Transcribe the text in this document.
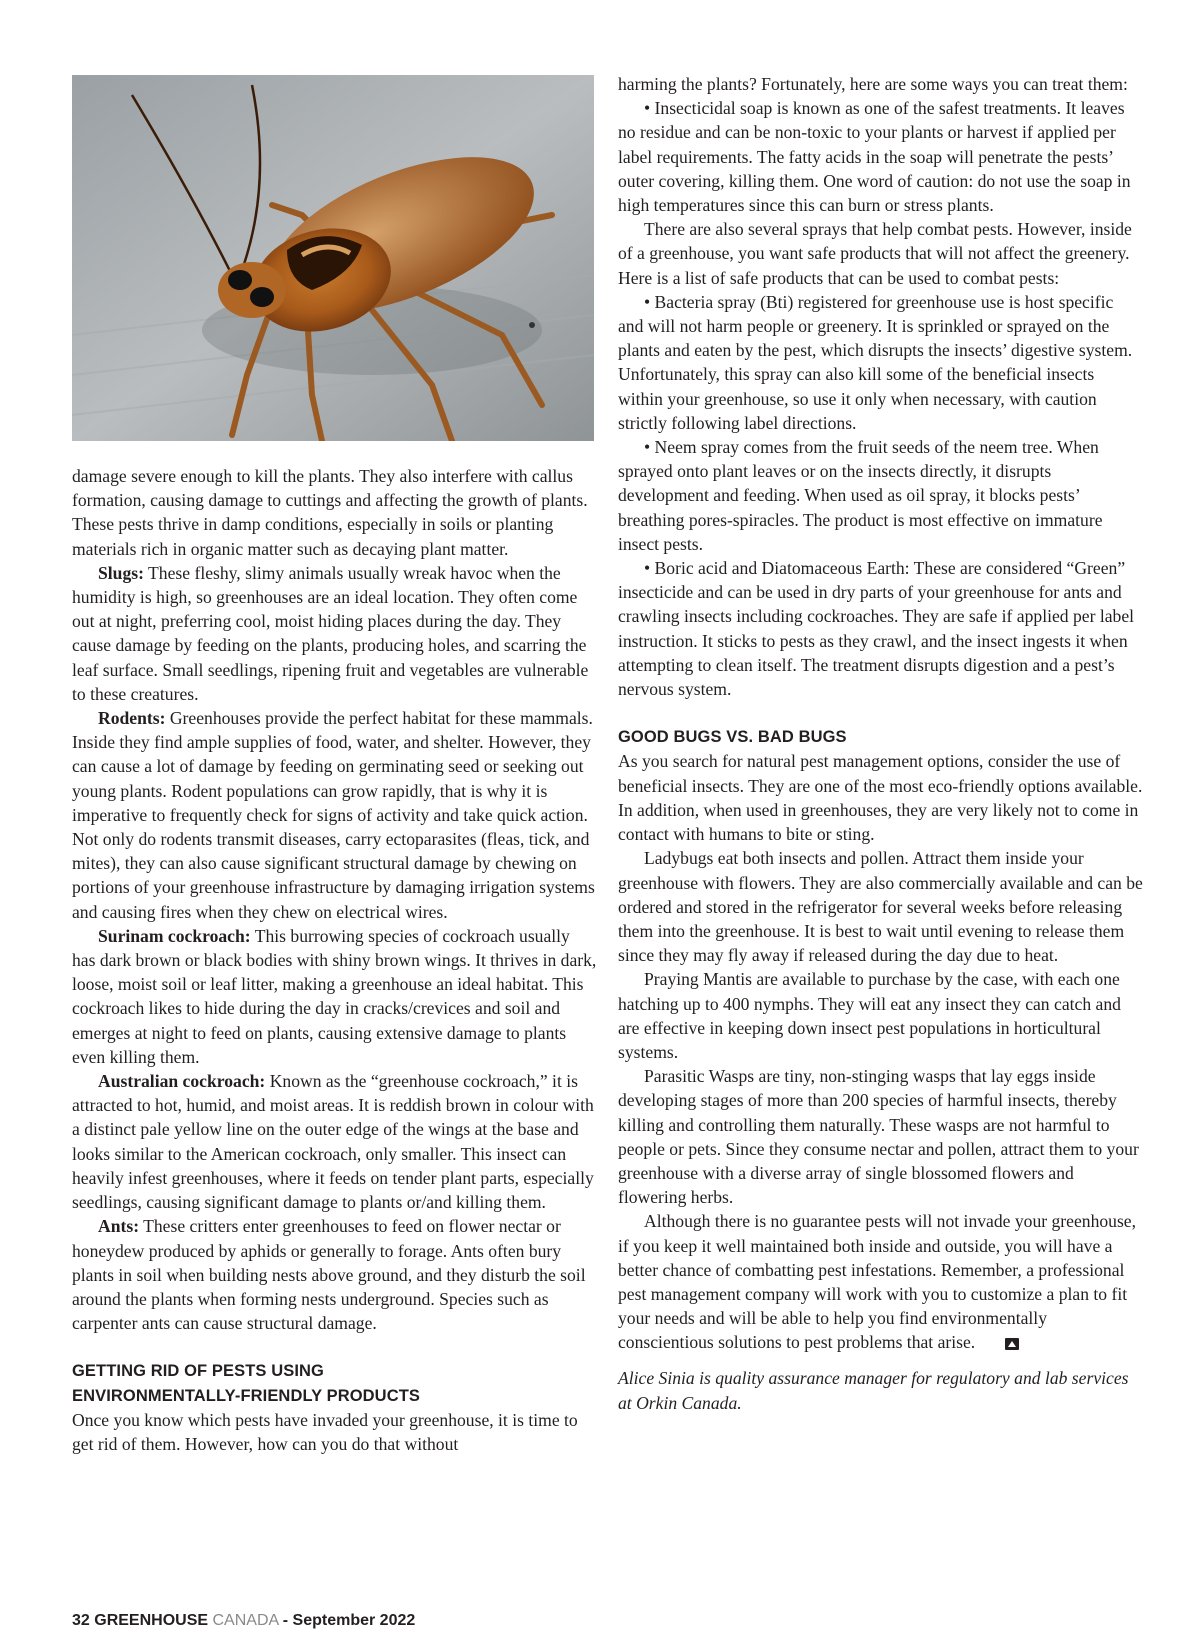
damage severe enough to kill the plants. They also interfere with callus formation, causing damage to cuttings and affecting the growth of plants. These pests thrive in damp conditions, especially in soils or planting materials rich in organic matter such as decaying plant matter.

Slugs: These fleshy, slimy animals usually wreak havoc when the humidity is high, so greenhouses are an ideal location. They often come out at night, preferring cool, moist hiding places during the day. They cause damage by feeding on the plants, producing holes, and scarring the leaf surface. Small seedlings, ripening fruit and vegetables are vulnerable to these creatures.

Rodents: Greenhouses provide the perfect habitat for these mammals. Inside they find ample supplies of food, water, and shelter. However, they can cause a lot of damage by feeding on germinating seed or seeking out young plants. Rodent populations can grow rapidly, that is why it is imperative to frequently check for signs of activity and take quick action. Not only do rodents transmit diseases, carry ectoparasites (fleas, tick, and mites), they can also cause significant structural damage by chewing on portions of your greenhouse infrastructure by damaging irrigation systems and causing fires when they chew on electrical wires.

Surinam cockroach: This burrowing species of cockroach usually has dark brown or black bodies with shiny brown wings. It thrives in dark, loose, moist soil or leaf litter, making a greenhouse an ideal habitat. This cockroach likes to hide during the day in cracks/crevices and soil and emerges at night to feed on plants, causing extensive damage to plants even killing them.

Australian cockroach: Known as the “greenhouse cockroach,” it is attracted to hot, humid, and moist areas. It is reddish brown in colour with a distinct pale yellow line on the outer edge of the wings at the base and looks similar to the American cockroach, only smaller. This insect can heavily infest greenhouses, where it feeds on tender plant parts, especially seedlings, causing significant damage to plants or/and killing them.

Ants: These critters enter greenhouses to feed on flower nectar or honeydew produced by aphids or generally to forage. Ants often bury plants in soil when building nests above ground, and they disturb the soil around the plants when forming nests underground. Species such as carpenter ants can cause structural damage.

GETTING RID OF PESTS USING
ENVIRONMENTALLY-FRIENDLY PRODUCTS

Once you know which pests have invaded your greenhouse, it is time to get rid of them. However, how can you do that without

harming the plants? Fortunately, here are some ways you can treat them:

• Insecticidal soap is known as one of the safest treatments. It leaves no residue and can be non-toxic to your plants or harvest if applied per label requirements. The fatty acids in the soap will penetrate the pests’ outer covering, killing them. One word of caution: do not use the soap in high temperatures since this can burn or stress plants.

There are also several sprays that help combat pests. However, inside of a greenhouse, you want safe products that will not affect the greenery. Here is a list of safe products that can be used to combat pests:

• Bacteria spray (Bti) registered for greenhouse use is host specific and will not harm people or greenery. It is sprinkled or sprayed on the plants and eaten by the pest, which disrupts the insects’ digestive system. Unfortunately, this spray can also kill some of the beneficial insects within your greenhouse, so use it only when necessary, with caution strictly following label directions.

• Neem spray comes from the fruit seeds of the neem tree. When sprayed onto plant leaves or on the insects directly, it disrupts development and feeding. When used as oil spray, it blocks pests’ breathing pores-spiracles. The product is most effective on immature insect pests.

• Boric acid and Diatomaceous Earth: These are considered “Green” insecticide and can be used in dry parts of your greenhouse for ants and crawling insects including cockroaches. They are safe if applied per label instruction. It sticks to pests as they crawl, and the insect ingests it when attempting to clean itself. The treatment disrupts digestion and a pest’s nervous system.

GOOD BUGS VS. BAD BUGS

As you search for natural pest management options, consider the use of beneficial insects. They are one of the most eco-friendly options available. In addition, when used in greenhouses, they are very likely not to come in contact with humans to bite or sting.

Ladybugs eat both insects and pollen. Attract them inside your greenhouse with flowers. They are also commercially available and can be ordered and stored in the refrigerator for several weeks before releasing them into the greenhouse. It is best to wait until evening to release them since they may fly away if released during the day due to heat.

Praying Mantis are available to purchase by the case, with each one hatching up to 400 nymphs. They will eat any insect they can catch and are effective in keeping down insect pest populations in horticultural systems.

Parasitic Wasps are tiny, non-stinging wasps that lay eggs inside developing stages of more than 200 species of harmful insects, thereby killing and controlling them naturally. These wasps are not harmful to people or pets. Since they consume nectar and pollen, attract them to your greenhouse with a diverse array of single blossomed flowers and flowering herbs.

Although there is no guarantee pests will not invade your greenhouse, if you keep it well maintained both inside and outside, you will have a better chance of combatting pest infestations. Remember, a professional pest management company will work with you to customize a plan to fit your needs and will be able to help you find environmentally conscientious solutions to pest problems that arise.

Alice Sinia is quality assurance manager for regulatory and lab services at Orkin Canada.

32 GREENHOUSE CANADA - September 2022
